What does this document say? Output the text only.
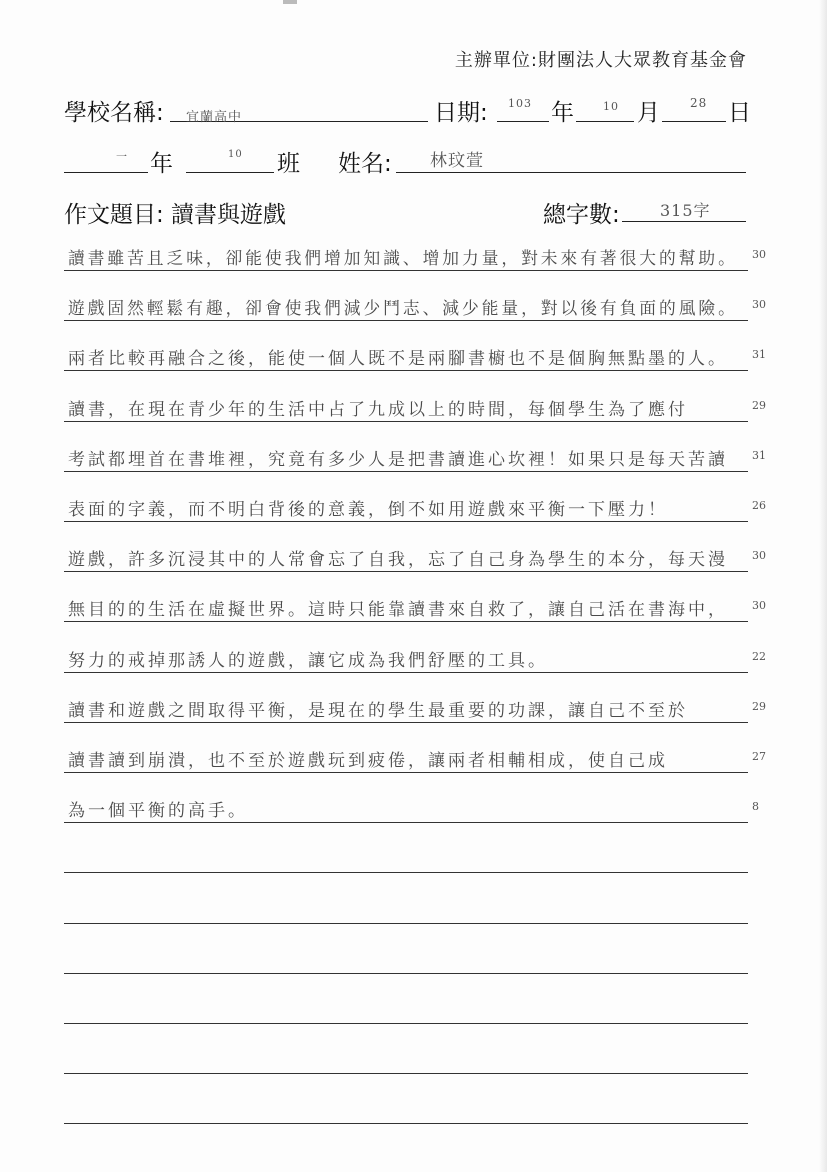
主辦單位:財團法人大眾教育基金會
學校名稱: 宜蘭高中	日期: 103 年	10 月	28 日
一 年	10 班 姓名: 林玟萱
作文題目: 讀書與遊戲	總字數:	315字
讀書雖苦且乏味，卻能使我們增加知識、增加力量，對未來有著很大的幫助。 30
遊戲固然輕鬆有趣，卻會使我們減少鬥志、減少能量，對以後有負面的風險。 30
兩者比較再融合之後，能使一個人既不是兩腳書櫥也不是個胸無點墨的人。 31
讀書，在現在青少年的生活中占了九成以上的時間，每個學生為了應付	29
考試都埋首在書堆裡，究竟有多少人是把書讀進心坎裡！如果只是每天苦讀 31
表面的字義，而不明白背後的意義，倒不如用遊戲來平衡一下壓力！	26
遊戲，許多沉浸其中的人常會忘了自我，忘了自己身為學生的本分，每天漫 30
無目的的生活在虛擬世界。這時只能靠讀書來自救了，讓自己活在書海中， 30
努力的戒掉那誘人的遊戲，讓它成為我們舒壓的工具。	22
讀書和遊戲之間取得平衡，是現在的學生最重要的功課，讓自己不至於	29
讀書讀到崩潰，也不至於遊戲玩到疲倦，讓兩者相輔相成，使自己成	27
為一個平衡的高手。	8
